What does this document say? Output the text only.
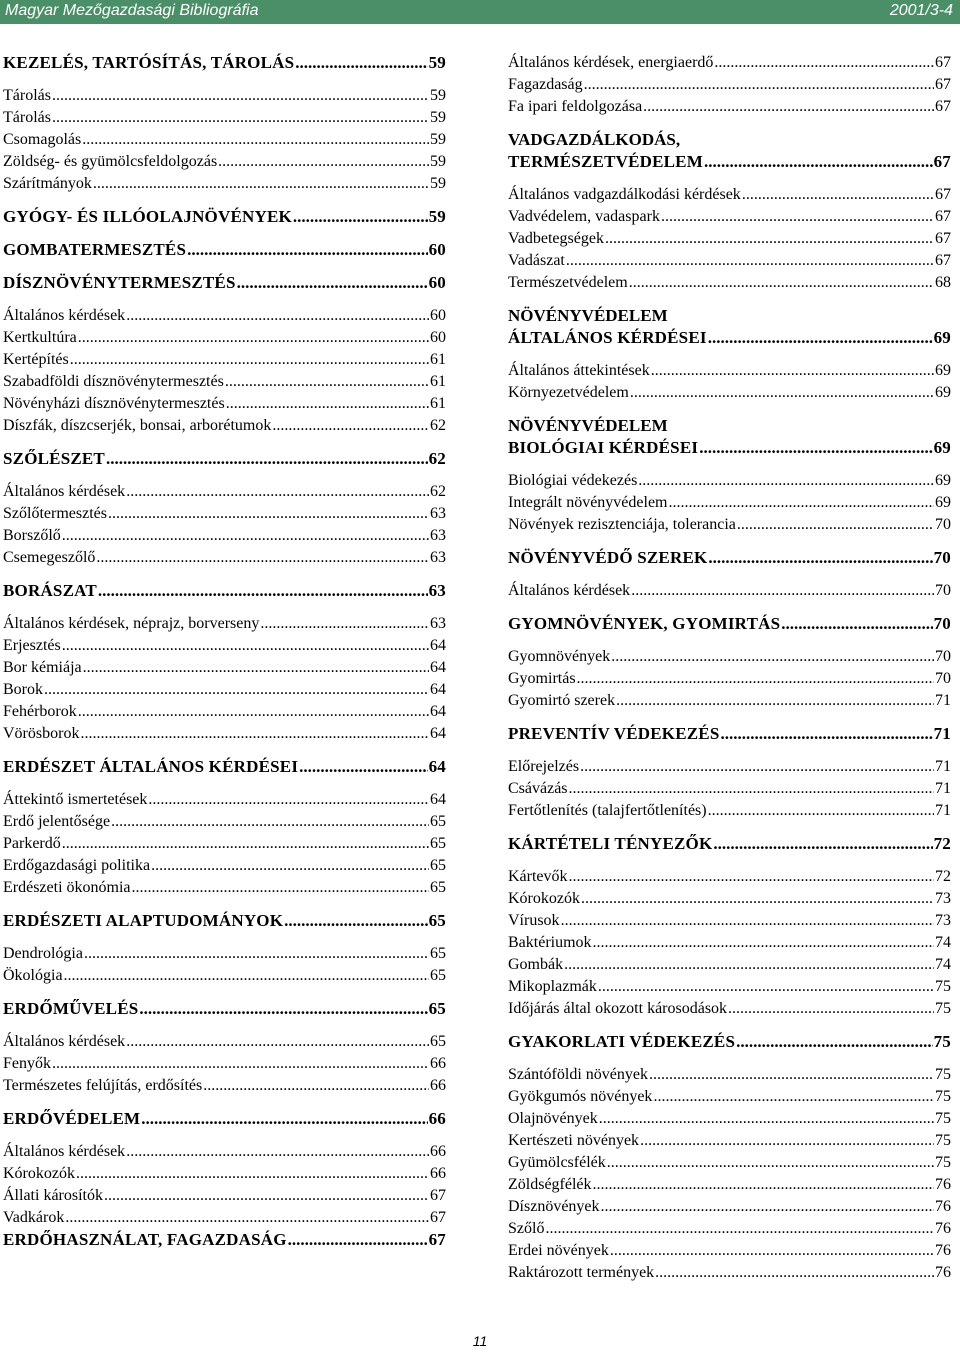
Magyar Mezőgazdasági Bibliográfia	2001/3-4
KEZELÉS, TARTÓSÍTÁS, TÁROLÁS .....	59
Tárolás .....	59
Tárolás .....	59
Csomagolás .....	59
Zöldség- és gyümölcsfeldolgozás .....	59
Szárítmányok .....	59
GYÓGY- ÉS ILLÓOLAJNÖVÉNYEK .....	59
GOMBATERMESZTÉS .....	60
DÍSZNÖVÉNYTERMESZTÉS .....	60
Általános kérdések .....	60
Kertkultúra .....	60
Kertépítés .....	61
Szabadföldi dísznövénytermesztés .....	61
Növényházi dísznövénytermesztés .....	61
Díszfák, díszcserjék, bonsai, arborétumok .....	62
SZŐLÉSZET .....	62
Általános kérdések .....	62
Szőlőtermesztés .....	63
Borszőlő .....	63
Csemegeszőlő .....	63
BORÁSZAT .....	63
Általános kérdések, néprajz, borverseny .....	63
Erjesztés .....	64
Bor kémiája .....	64
Borok .....	64
Fehérborok .....	64
Vörösborok .....	64
ERDÉSZET ÁLTALÁNOS KÉRDÉSEI .....	64
Áttekintő ismertetések .....	64
Erdő jelentősége .....	65
Parkerdő .....	65
Erdőgazdasági politika .....	65
Erdészeti ökonómia .....	65
ERDÉSZETI ALAPTUDOMÁNYOK .....	65
Dendrológia .....	65
Ökológia .....	65
ERDŐMŰVELÉS .....	65
Általános kérdések .....	65
Fenyők .....	66
Természetes felújítás, erdősítés .....	66
ERDŐVÉDELEM .....	66
Általános kérdések .....	66
Kórokozók .....	66
Állati károsítók .....	67
Vadkárok .....	67
ERDŐHASZNÁLAT, FAGAZDASÁG .....	67
Általános kérdések, energiaerdő .....	67
Fagazdaság .....	67
Fa ipari feldolgozása .....	67
VADGAZDÁLKODÁS,
TERMÉSZETVÉDELEM .....	67
Általános vadgazdálkodási kérdések .....	67
Vadvédelem, vadaspark .....	67
Vadbetegségek .....	67
Vadászat .....	67
Természetvédelem .....	68
NÖVÉNYVÉDELEM
ÁLTALÁNOS KÉRDÉSEI .....	69
Általános áttekintések .....	69
Környezetvédelem .....	69
NÖVÉNYVÉDELEM
BIOLÓGIAI KÉRDÉSEI .....	69
Biológiai védekezés .....	69
Integrált növényvédelem .....	69
Növények rezisztenciája, tolerancia .....	70
NÖVÉNYVÉDŐ SZEREK .....	70
Általános kérdések .....	70
GYOMNÖVÉNYEK, GYOMIRTÁS .....	70
Gyomnövények .....	70
Gyomirtás .....	70
Gyomirtó szerek .....	71
PREVENTÍV VÉDEKEZÉS .....	71
Előrejelzés .....	71
Csávázás .....	71
Fertőtlenítés (talajfertőtlenítés) .....	71
KÁRTÉTELI TÉNYEZŐK .....	72
Kártevők .....	72
Kórokozók .....	73
Vírusok .....	73
Baktériumok .....	74
Gombák .....	74
Mikoplazmák .....	75
Időjárás által okozott károsodások .....	75
GYAKORLATI VÉDEKEZÉS .....	75
Szántóföldi növények .....	75
Gyökgumós növények .....	75
Olajnövények .....	75
Kertészeti növények .....	75
Gyümölcsfélék .....	75
Zöldségfélék .....	76
Dísznövények .....	76
Szőlő .....	76
Erdei növények .....	76
Raktározott termények .....	76
11
